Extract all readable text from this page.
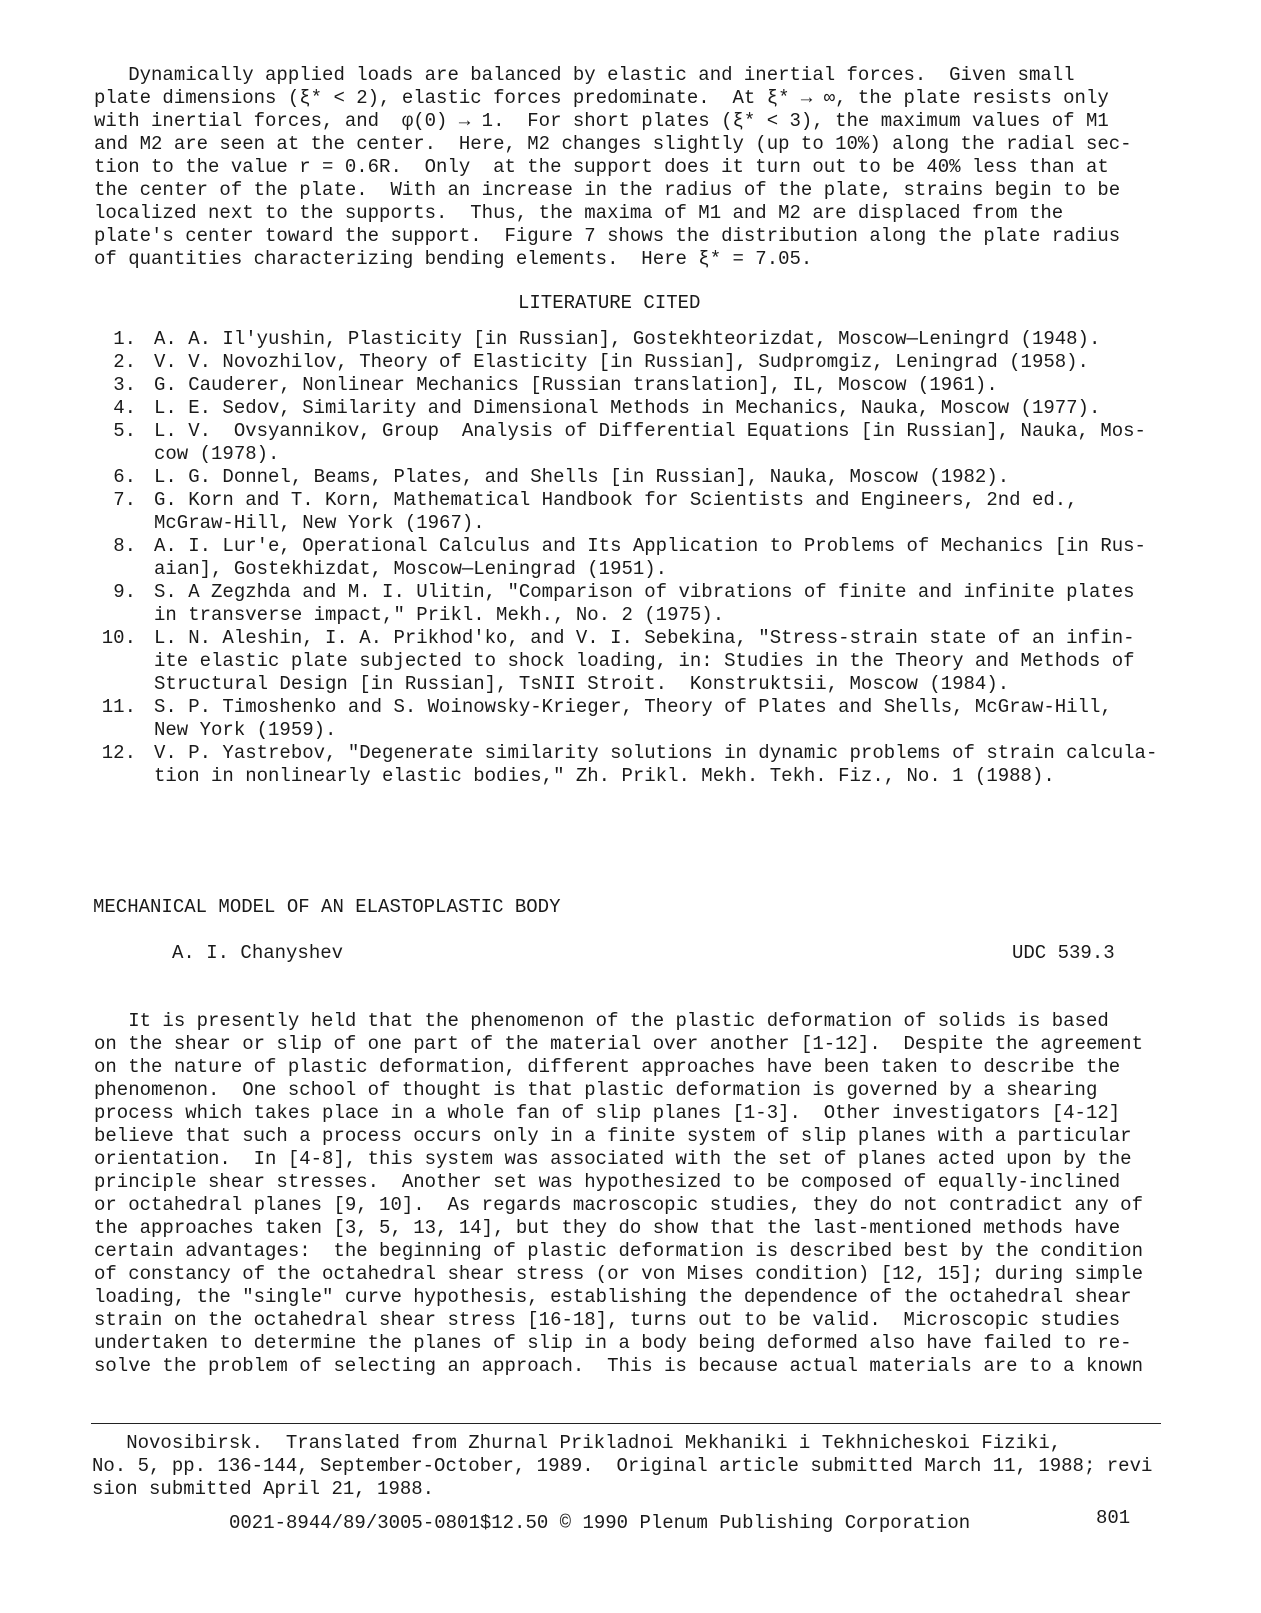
Dynamically applied loads are balanced by elastic and inertial forces.  Given small
plate dimensions (ξ* < 2), elastic forces predominate.  At ξ* → ∞, the plate resists only
with inertial forces, and  φ(0) → 1.  For short plates (ξ* < 3), the maximum values of M1
and M2 are seen at the center.  Here, M2 changes slightly (up to 10%) along the radial sec-
tion to the value r = 0.6R.  Only  at the support does it turn out to be 40% less than at
the center of the plate.  With an increase in the radius of the plate, strains begin to be
localized next to the supports.  Thus, the maxima of M1 and M2 are displaced from the
plate's center toward the support.  Figure 7 shows the distribution along the plate radius
of quantities characterizing bending elements.  Here ξ* = 7.05.
LITERATURE CITED
1. A. A. Il'yushin, Plasticity [in Russian], Gostekhteorizdat, Moscow—Leningrd (1948).
2. V. V. Novozhilov, Theory of Elasticity [in Russian], Sudpromgiz, Leningrad (1958).
3. G. Cauderer, Nonlinear Mechanics [Russian translation], IL, Moscow (1961).
4. L. E. Sedov, Similarity and Dimensional Methods in Mechanics, Nauka, Moscow (1977).
5. L. V.  Ovsyannikov, Group  Analysis of Differential Equations [in Russian], Nauka, Mos-
cow (1978).
6. L. G. Donnel, Beams, Plates, and Shells [in Russian], Nauka, Moscow (1982).
7. G. Korn and T. Korn, Mathematical Handbook for Scientists and Engineers, 2nd ed.,
McGraw-Hill, New York (1967).
8. A. I. Lur'e, Operational Calculus and Its Application to Problems of Mechanics [in Rus-
aian], Gostekhizdat, Moscow—Leningrad (1951).
9. S. A Zegzhda and M. I. Ulitin, "Comparison of vibrations of finite and infinite plates
in transverse impact," Prikl. Mekh., No. 2 (1975).
10. L. N. Aleshin, I. A. Prikhod'ko, and V. I. Sebekina, "Stress-strain state of an infin-
ite elastic plate subjected to shock loading, in: Studies in the Theory and Methods of
Structural Design [in Russian], TsNII Stroit.  Konstruktsii, Moscow (1984).
11. S. P. Timoshenko and S. Woinowsky-Krieger, Theory of Plates and Shells, McGraw-Hill,
New York (1959).
12. V. P. Yastrebov, "Degenerate similarity solutions in dynamic problems of strain calcula-
tion in nonlinearly elastic bodies," Zh. Prikl. Mekh. Tekh. Fiz., No. 1 (1988).
MECHANICAL MODEL OF AN ELASTOPLASTIC BODY
A. I. Chanyshev	UDC 539.3
It is presently held that the phenomenon of the plastic deformation of solids is based
on the shear or slip of one part of the material over another [1-12].  Despite the agreement
on the nature of plastic deformation, different approaches have been taken to describe the
phenomenon.  One school of thought is that plastic deformation is governed by a shearing
process which takes place in a whole fan of slip planes [1-3].  Other investigators [4-12]
believe that such a process occurs only in a finite system of slip planes with a particular
orientation.  In [4-8], this system was associated with the set of planes acted upon by the
principle shear stresses.  Another set was hypothesized to be composed of equally-inclined
or octahedral planes [9, 10].  As regards macroscopic studies, they do not contradict any of
the approaches taken [3, 5, 13, 14], but they do show that the last-mentioned methods have
certain advantages:  the beginning of plastic deformation is described best by the condition
of constancy of the octahedral shear stress (or von Mises condition) [12, 15]; during simple
loading, the "single" curve hypothesis, establishing the dependence of the octahedral shear
strain on the octahedral shear stress [16-18], turns out to be valid.  Microscopic studies
undertaken to determine the planes of slip in a body being deformed also have failed to re-
solve the problem of selecting an approach.  This is because actual materials are to a known
Novosibirsk.  Translated from Zhurnal Prikladnoi Mekhaniki i Tekhnicheskoi Fiziki,
No. 5, pp. 136-144, September-October, 1989.  Original article submitted March 11, 1988; revi
sion submitted April 21, 1988.
0021-8944/89/3005-0801$12.50 © 1990 Plenum Publishing Corporation	801
